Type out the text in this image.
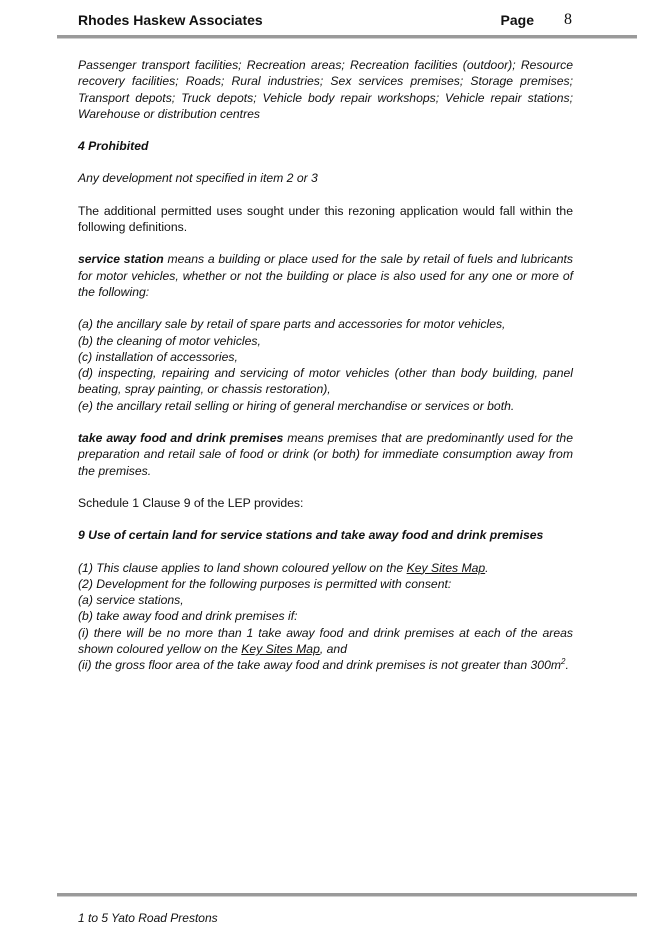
Rhodes Haskew Associates	Page 8

Passenger transport facilities; Recreation areas; Recreation facilities (outdoor); Resource recovery facilities; Roads; Rural industries; Sex services premises; Storage premises; Transport depots; Truck depots; Vehicle body repair workshops; Vehicle repair stations; Warehouse or distribution centres

4 Prohibited

Any development not specified in item 2 or 3

The additional permitted uses sought under this rezoning application would fall within the following definitions.

service station means a building or place used for the sale by retail of fuels and lubricants for motor vehicles, whether or not the building or place is also used for any one or more of the following:

(a) the ancillary sale by retail of spare parts and accessories for motor vehicles,
(b) the cleaning of motor vehicles,
(c) installation of accessories,
(d) inspecting, repairing and servicing of motor vehicles (other than body building, panel beating, spray painting, or chassis restoration),
(e) the ancillary retail selling or hiring of general merchandise or services or both.

take away food and drink premises means premises that are predominantly used for the preparation and retail sale of food or drink (or both) for immediate consumption away from the premises.

Schedule 1 Clause 9 of the LEP provides:

9 Use of certain land for service stations and take away food and drink premises

(1) This clause applies to land shown coloured yellow on the Key Sites Map.
(2) Development for the following purposes is permitted with consent:
(a) service stations,
(b) take away food and drink premises if:
(i) there will be no more than 1 take away food and drink premises at each of the areas shown coloured yellow on the Key Sites Map, and
(ii) the gross floor area of the take away food and drink premises is not greater than $300m^2$.
1 to 5 Yato Road Prestons
